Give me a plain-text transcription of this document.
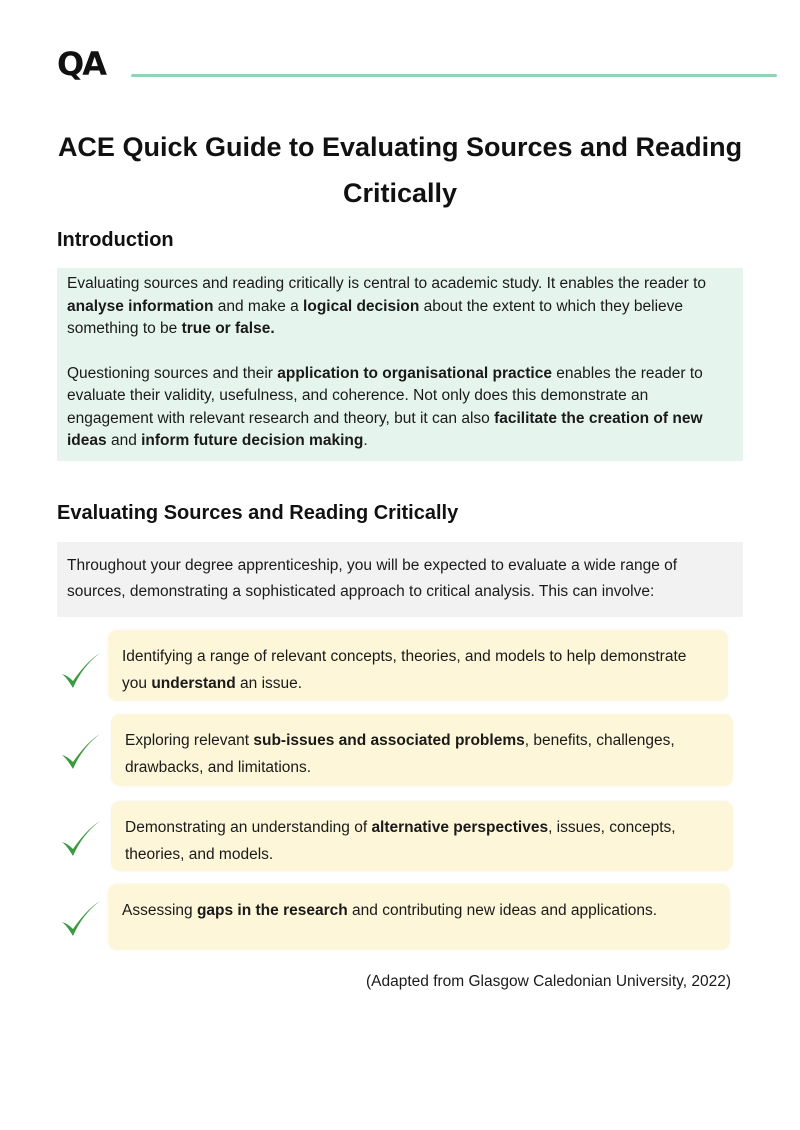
QA
ACE Quick Guide to Evaluating Sources and Reading
Critically
Introduction

Evaluating sources and reading critically is central to academic study. It enables the reader to analyse information and make a logical decision about the extent to which they believe something to be true or false.

Questioning sources and their application to organisational practice enables the reader to evaluate their validity, usefulness, and coherence. Not only does this demonstrate an engagement with relevant research and theory, but it can also facilitate the creation of new ideas and inform future decision making.

Evaluating Sources and Reading Critically
Throughout your degree apprenticeship, you will be expected to evaluate a wide range of sources, demonstrating a sophisticated approach to critical analysis. This can involve:
Identifying a range of relevant concepts, theories, and models to help demonstrate you understand an issue.
Exploring relevant sub-issues and associated problems, benefits, challenges, drawbacks, and limitations.
Demonstrating an understanding of alternative perspectives, issues, concepts, theories, and models.
Assessing gaps in the research and contributing new ideas and applications.
(Adapted from Glasgow Caledonian University, 2022)
